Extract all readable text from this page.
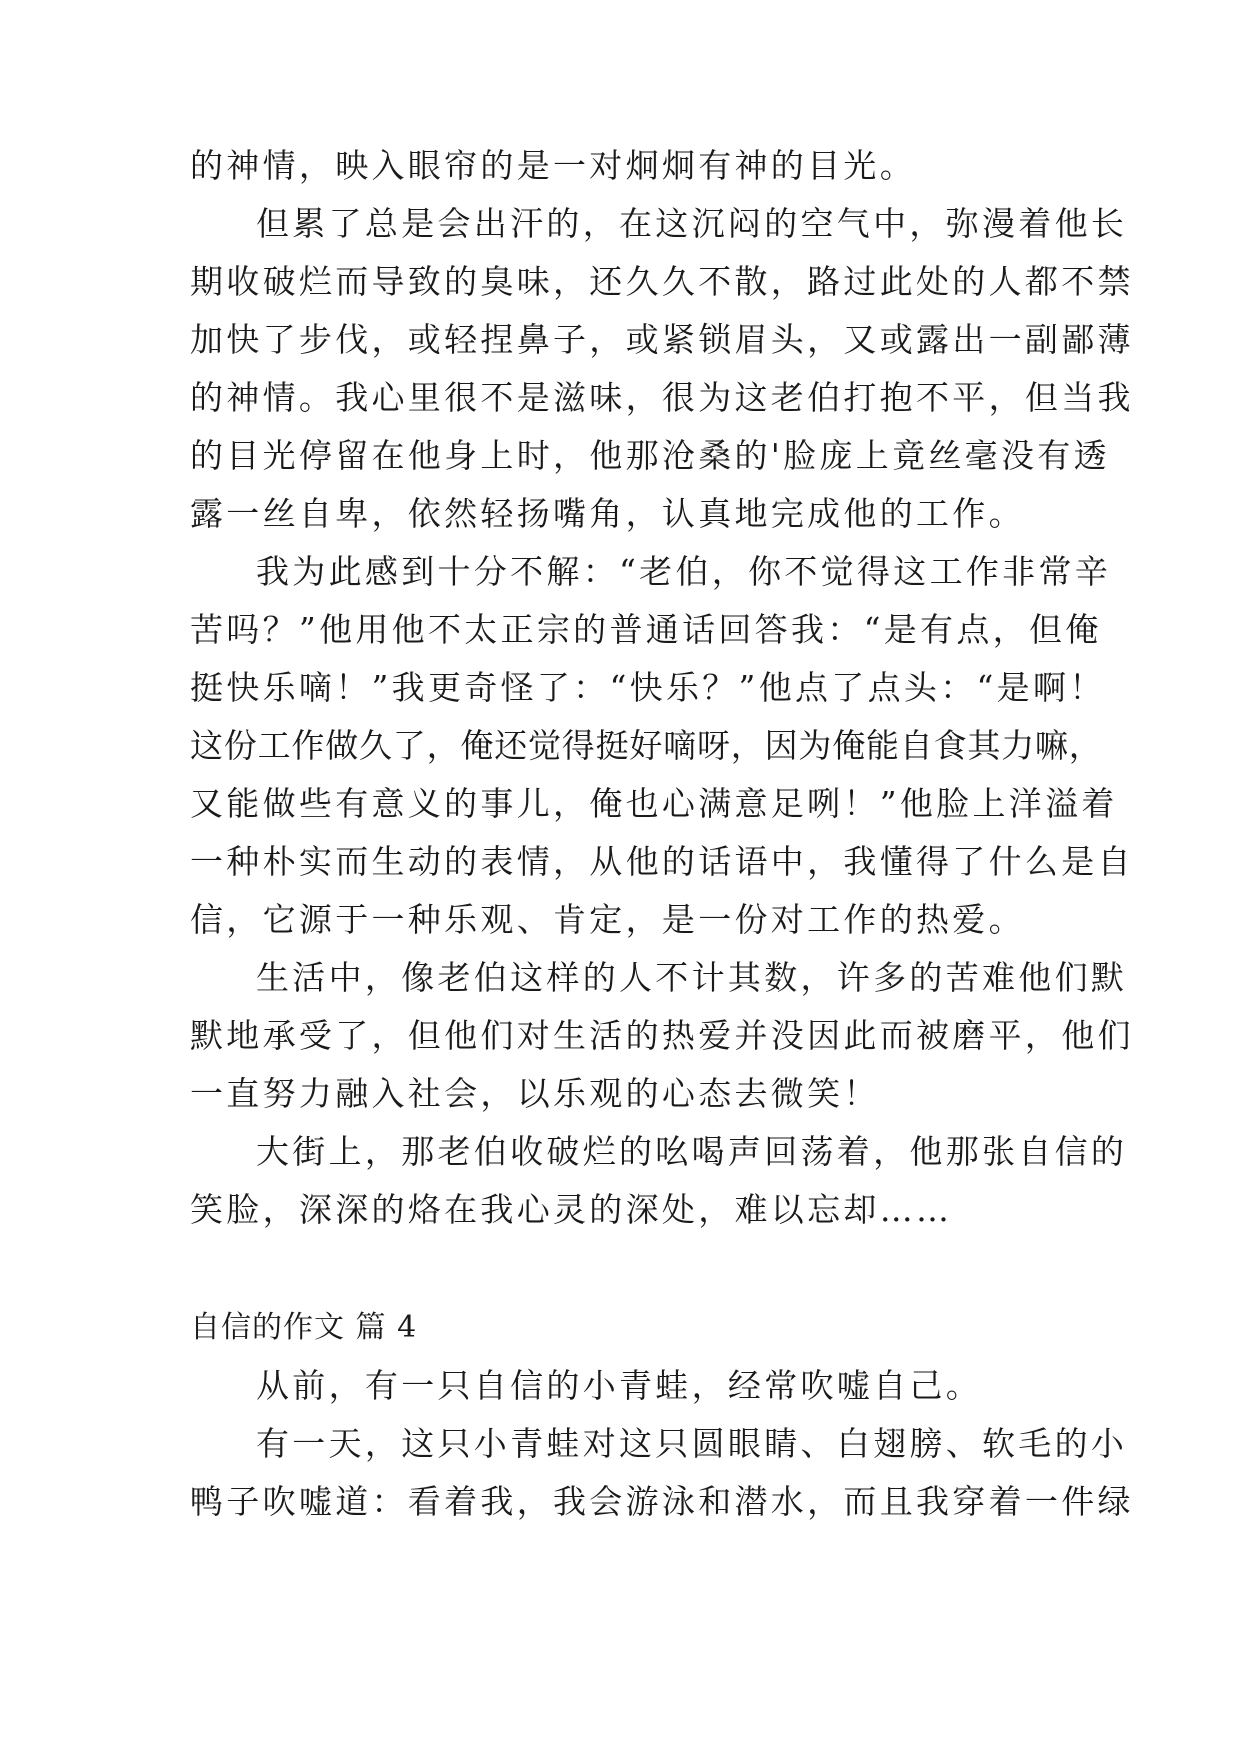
的神情，映入眼帘的是一对炯炯有神的目光。
但累了总是会出汗的，在这沉闷的空气中，弥漫着他长
期收破烂而导致的臭味，还久久不散，路过此处的人都不禁
加快了步伐，或轻捏鼻子，或紧锁眉头，又或露出一副鄙薄
的神情。我心里很不是滋味，很为这老伯打抱不平，但当我
的目光停留在他身上时，他那沧桑的'脸庞上竟丝毫没有透
露一丝自卑，依然轻扬嘴角，认真地完成他的工作。
我为此感到十分不解：“老伯，你不觉得这工作非常辛
苦吗？”他用他不太正宗的普通话回答我：“是有点，但俺
挺快乐嘀！”我更奇怪了：“快乐？”他点了点头：“是啊！
这份工作做久了，俺还觉得挺好嘀呀，因为俺能自食其力嘛，
又能做些有意义的事儿，俺也心满意足咧！”他脸上洋溢着
一种朴实而生动的表情，从他的话语中，我懂得了什么是自
信，它源于一种乐观、肯定，是一份对工作的热爱。
生活中，像老伯这样的人不计其数，许多的苦难他们默
默地承受了，但他们对生活的热爱并没因此而被磨平，他们
一直努力融入社会，以乐观的心态去微笑！
大街上，那老伯收破烂的吆喝声回荡着，他那张自信的
笑脸，深深的烙在我心灵的深处，难以忘却……
自信的作文 篇 4
从前，有一只自信的小青蛙，经常吹嘘自己。
有一天，这只小青蛙对这只圆眼睛、白翅膀、软毛的小
鸭子吹嘘道：看着我，我会游泳和潜水，而且我穿着一件绿
